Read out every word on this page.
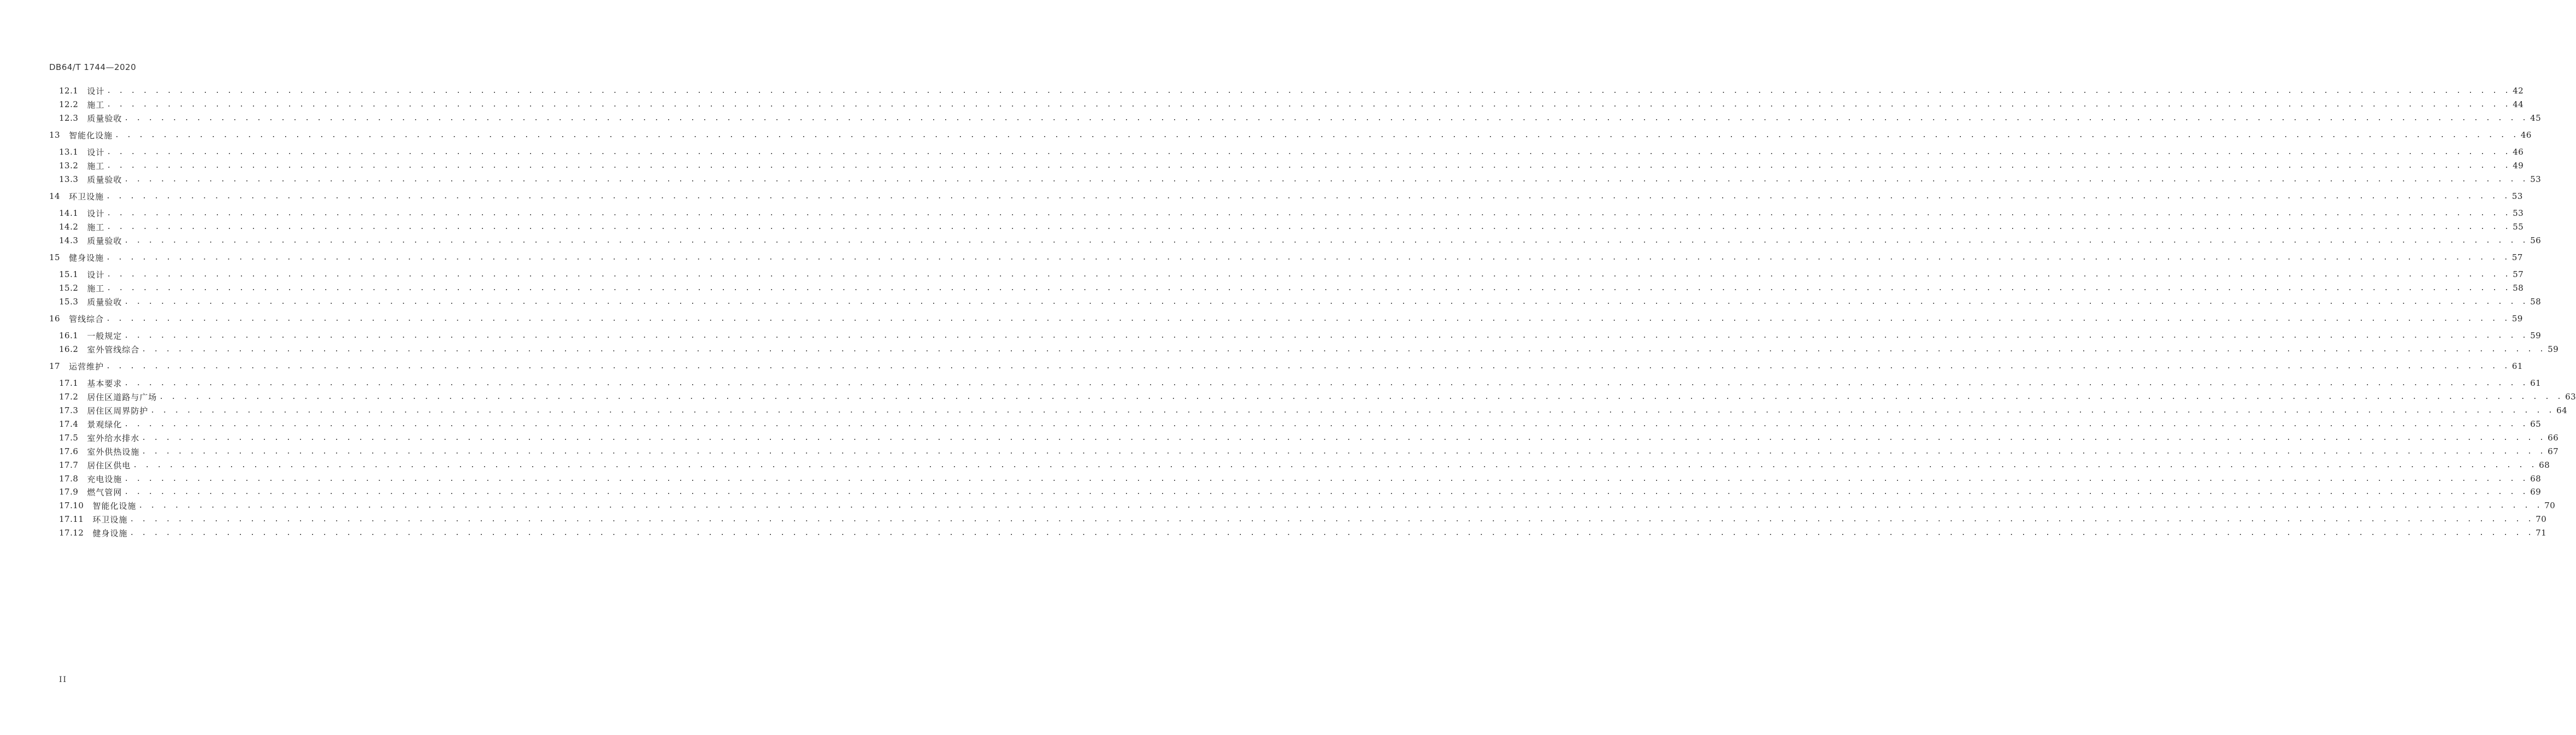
DB64/T 1744—2020
12.1 设计 . . . . . . . . . . . . . . . . . . . . . . . . . . . . . . . . . . . . . . . . . . . . . . . . . . . . . . . . . . . . . . . . . . . . . . . . . . . . . . . . . . . . . . . . . . . . . . . . . . . . . . . . . . . . . . . . . . . . . . . . . . . . . . . . . . . . . . . . . . . . . . . . . . . . . . . . . . . . . . . . . . . . . . . . . . . . . . . . . . . . . . . . . . . . . . . . . . . . . . . . 42
12.2 施工 . . . . . . . . . . . . . . . . . . . . . . . . . . . . . . . . . . . . . . . . . . . . . . . . . . . . . . . . . . . . . . . . . . . . . . . . . . . . . . . . . . . . . . . . . . . . . . . . . . . . . . . . . . . . . . . . . . . . . . . . . . . . . . . . . . . . . . . . . . . . . . . . . . . . . . . . . . . . . . . . . . . . . . . . . . . . . . . . . . . . . . . . . . . . . . . . . . . . . . . . 44
12.3 质量验收 . . . . . . . . . . . . . . . . . . . . . . . . . . . . . . . . . . . . . . . . . . . . . . . . . . . . . . . . . . . . . . . . . . . . . . . . . . . . . . . . . . . . . . . . . . . . . . . . . . . . . . . . . . . . . . . . . . . . . . . . . . . . . . . . . . . . . . . . . . . . . . . . . . . . . . . . . . . . . . . . . . . . . . . . . . . . . . . . . . . . . . . . . . . . . . . . . . . . . . . . 45
13 智能化设施 . . . . . . . . . . . . . . . . . . . . . . . . . . . . . . . . . . . . . . . . . . . . . . . . . . . . . . . . . . . . . . . . . . . . . . . . . . . . . . . . . . . . . . . . . . . . . . . . . . . . . . . . . . . . . . . . . . . . . . . . . . . . . . . . . . . . . . . . . . . . . . . . . . . . . . . . . . . . . . . . . . . . . . . . . . . . . . . . . . . . . . . . . . . . . . . . . . . . . . . . 46
13.1 设计 . . . . . . . . . . . . . . . . . . . . . . . . . . . . . . . . . . . . . . . . . . . . . . . . . . . . . . . . . . . . . . . . . . . . . . . . . . . . . . . . . . . . . . . . . . . . . . . . . . . . . . . . . . . . . . . . . . . . . . . . . . . . . . . . . . . . . . . . . . . . . . . . . . . . . . . . . . . . . . . . . . . . . . . . . . . . . . . . . . . . . . . . . . . . . . . . . . . . . . . . 46
13.2 施工 . . . . . . . . . . . . . . . . . . . . . . . . . . . . . . . . . . . . . . . . . . . . . . . . . . . . . . . . . . . . . . . . . . . . . . . . . . . . . . . . . . . . . . . . . . . . . . . . . . . . . . . . . . . . . . . . . . . . . . . . . . . . . . . . . . . . . . . . . . . . . . . . . . . . . . . . . . . . . . . . . . . . . . . . . . . . . . . . . . . . . . . . . . . . . . . . . . . . . . . . 49
13.3 质量验收 . . . . . . . . . . . . . . . . . . . . . . . . . . . . . . . . . . . . . . . . . . . . . . . . . . . . . . . . . . . . . . . . . . . . . . . . . . . . . . . . . . . . . . . . . . . . . . . . . . . . . . . . . . . . . . . . . . . . . . . . . . . . . . . . . . . . . . . . . . . . . . . . . . . . . . . . . . . . . . . . . . . . . . . . . . . . . . . . . . . . . . . . . . . . . . . . . . . . . . . . 53
14 环卫设施 . . . . . . . . . . . . . . . . . . . . . . . . . . . . . . . . . . . . . . . . . . . . . . . . . . . . . . . . . . . . . . . . . . . . . . . . . . . . . . . . . . . . . . . . . . . . . . . . . . . . . . . . . . . . . . . . . . . . . . . . . . . . . . . . . . . . . . . . . . . . . . . . . . . . . . . . . . . . . . . . . . . . . . . . . . . . . . . . . . . . . . . . . . . . . . . . . . . . . . . . 53
14.1 设计 . . . . . . . . . . . . . . . . . . . . . . . . . . . . . . . . . . . . . . . . . . . . . . . . . . . . . . . . . . . . . . . . . . . . . . . . . . . . . . . . . . . . . . . . . . . . . . . . . . . . . . . . . . . . . . . . . . . . . . . . . . . . . . . . . . . . . . . . . . . . . . . . . . . . . . . . . . . . . . . . . . . . . . . . . . . . . . . . . . . . . . . . . . . . . . . . . . . . . . . . 53
14.2 施工 . . . . . . . . . . . . . . . . . . . . . . . . . . . . . . . . . . . . . . . . . . . . . . . . . . . . . . . . . . . . . . . . . . . . . . . . . . . . . . . . . . . . . . . . . . . . . . . . . . . . . . . . . . . . . . . . . . . . . . . . . . . . . . . . . . . . . . . . . . . . . . . . . . . . . . . . . . . . . . . . . . . . . . . . . . . . . . . . . . . . . . . . . . . . . . . . . . . . . . . . 55
14.3 质量验收 . . . . . . . . . . . . . . . . . . . . . . . . . . . . . . . . . . . . . . . . . . . . . . . . . . . . . . . . . . . . . . . . . . . . . . . . . . . . . . . . . . . . . . . . . . . . . . . . . . . . . . . . . . . . . . . . . . . . . . . . . . . . . . . . . . . . . . . . . . . . . . . . . . . . . . . . . . . . . . . . . . . . . . . . . . . . . . . . . . . . . . . . . . . . . . . . . . . . . . . . 56
15 健身设施 . . . . . . . . . . . . . . . . . . . . . . . . . . . . . . . . . . . . . . . . . . . . . . . . . . . . . . . . . . . . . . . . . . . . . . . . . . . . . . . . . . . . . . . . . . . . . . . . . . . . . . . . . . . . . . . . . . . . . . . . . . . . . . . . . . . . . . . . . . . . . . . . . . . . . . . . . . . . . . . . . . . . . . . . . . . . . . . . . . . . . . . . . . . . . . . . . . . . . . . . 57
15.1 设计 . . . . . . . . . . . . . . . . . . . . . . . . . . . . . . . . . . . . . . . . . . . . . . . . . . . . . . . . . . . . . . . . . . . . . . . . . . . . . . . . . . . . . . . . . . . . . . . . . . . . . . . . . . . . . . . . . . . . . . . . . . . . . . . . . . . . . . . . . . . . . . . . . . . . . . . . . . . . . . . . . . . . . . . . . . . . . . . . . . . . . . . . . . . . . . . . . . . . . . . . 57
15.2 施工 . . . . . . . . . . . . . . . . . . . . . . . . . . . . . . . . . . . . . . . . . . . . . . . . . . . . . . . . . . . . . . . . . . . . . . . . . . . . . . . . . . . . . . . . . . . . . . . . . . . . . . . . . . . . . . . . . . . . . . . . . . . . . . . . . . . . . . . . . . . . . . . . . . . . . . . . . . . . . . . . . . . . . . . . . . . . . . . . . . . . . . . . . . . . . . . . . . . . . . . . 58
15.3 质量验收 . . . . . . . . . . . . . . . . . . . . . . . . . . . . . . . . . . . . . . . . . . . . . . . . . . . . . . . . . . . . . . . . . . . . . . . . . . . . . . . . . . . . . . . . . . . . . . . . . . . . . . . . . . . . . . . . . . . . . . . . . . . . . . . . . . . . . . . . . . . . . . . . . . . . . . . . . . . . . . . . . . . . . . . . . . . . . . . . . . . . . . . . . . . . . . . . . . . . . . . . 58
16 管线综合 . . . . . . . . . . . . . . . . . . . . . . . . . . . . . . . . . . . . . . . . . . . . . . . . . . . . . . . . . . . . . . . . . . . . . . . . . . . . . . . . . . . . . . . . . . . . . . . . . . . . . . . . . . . . . . . . . . . . . . . . . . . . . . . . . . . . . . . . . . . . . . . . . . . . . . . . . . . . . . . . . . . . . . . . . . . . . . . . . . . . . . . . . . . . . . . . . . . . . . . . 59
16.1 一般规定 . . . . . . . . . . . . . . . . . . . . . . . . . . . . . . . . . . . . . . . . . . . . . . . . . . . . . . . . . . . . . . . . . . . . . . . . . . . . . . . . . . . . . . . . . . . . . . . . . . . . . . . . . . . . . . . . . . . . . . . . . . . . . . . . . . . . . . . . . . . . . . . . . . . . . . . . . . . . . . . . . . . . . . . . . . . . . . . . . . . . . . . . . . . . . . . . . . . . . . . . 59
16.2 室外管线综合 . . . . . . . . . . . . . . . . . . . . . . . . . . . . . . . . . . . . . . . . . . . . . . . . . . . . . . . . . . . . . . . . . . . . . . . . . . . . . . . . . . . . . . . . . . . . . . . . . . . . . . . . . . . . . . . . . . . . . . . . . . . . . . . . . . . . . . . . . . . . . . . . . . . . . . . . . . . . . . . . . . . . . . . . . . . . . . . . . . . . . . . . . . . . . . . . . . . . . . . . 59
17 运营维护 . . . . . . . . . . . . . . . . . . . . . . . . . . . . . . . . . . . . . . . . . . . . . . . . . . . . . . . . . . . . . . . . . . . . . . . . . . . . . . . . . . . . . . . . . . . . . . . . . . . . . . . . . . . . . . . . . . . . . . . . . . . . . . . . . . . . . . . . . . . . . . . . . . . . . . . . . . . . . . . . . . . . . . . . . . . . . . . . . . . . . . . . . . . . . . . . . . . . . . . . 61
17.1 基本要求 . . . . . . . . . . . . . . . . . . . . . . . . . . . . . . . . . . . . . . . . . . . . . . . . . . . . . . . . . . . . . . . . . . . . . . . . . . . . . . . . . . . . . . . . . . . . . . . . . . . . . . . . . . . . . . . . . . . . . . . . . . . . . . . . . . . . . . . . . . . . . . . . . . . . . . . . . . . . . . . . . . . . . . . . . . . . . . . . . . . . . . . . . . . . . . . . . . . . . . . . 61
17.2 居住区道路与广场 . . . . . . . . . . . . . . . . . . . . . . . . . . . . . . . . . . . . . . . . . . . . . . . . . . . . . . . . . . . . . . . . . . . . . . . . . . . . . . . . . . . . . . . . . . . . . . . . . . . . . . . . . . . . . . . . . . . . . . . . . . . . . . . . . . . . . . . . . . . . . . . . . . . . . . . . . . . . . . . . . . . . . . . . . . . . . . . . . . . . . . . . . . . . . . . . . . . . . . . . 63
17.3 居住区周界防护 . . . . . . . . . . . . . . . . . . . . . . . . . . . . . . . . . . . . . . . . . . . . . . . . . . . . . . . . . . . . . . . . . . . . . . . . . . . . . . . . . . . . . . . . . . . . . . . . . . . . . . . . . . . . . . . . . . . . . . . . . . . . . . . . . . . . . . . . . . . . . . . . . . . . . . . . . . . . . . . . . . . . . . . . . . . . . . . . . . . . . . . . . . . . . . . . . . . . . . . . 64
17.4 景观绿化 . . . . . . . . . . . . . . . . . . . . . . . . . . . . . . . . . . . . . . . . . . . . . . . . . . . . . . . . . . . . . . . . . . . . . . . . . . . . . . . . . . . . . . . . . . . . . . . . . . . . . . . . . . . . . . . . . . . . . . . . . . . . . . . . . . . . . . . . . . . . . . . . . . . . . . . . . . . . . . . . . . . . . . . . . . . . . . . . . . . . . . . . . . . . . . . . . . . . . . . . 65
17.5 室外给水排水 . . . . . . . . . . . . . . . . . . . . . . . . . . . . . . . . . . . . . . . . . . . . . . . . . . . . . . . . . . . . . . . . . . . . . . . . . . . . . . . . . . . . . . . . . . . . . . . . . . . . . . . . . . . . . . . . . . . . . . . . . . . . . . . . . . . . . . . . . . . . . . . . . . . . . . . . . . . . . . . . . . . . . . . . . . . . . . . . . . . . . . . . . . . . . . . . . . . . . . . . 66
17.6 室外供热设施 . . . . . . . . . . . . . . . . . . . . . . . . . . . . . . . . . . . . . . . . . . . . . . . . . . . . . . . . . . . . . . . . . . . . . . . . . . . . . . . . . . . . . . . . . . . . . . . . . . . . . . . . . . . . . . . . . . . . . . . . . . . . . . . . . . . . . . . . . . . . . . . . . . . . . . . . . . . . . . . . . . . . . . . . . . . . . . . . . . . . . . . . . . . . . . . . . . . . . . . . 67
17.7 居住区供电 . . . . . . . . . . . . . . . . . . . . . . . . . . . . . . . . . . . . . . . . . . . . . . . . . . . . . . . . . . . . . . . . . . . . . . . . . . . . . . . . . . . . . . . . . . . . . . . . . . . . . . . . . . . . . . . . . . . . . . . . . . . . . . . . . . . . . . . . . . . . . . . . . . . . . . . . . . . . . . . . . . . . . . . . . . . . . . . . . . . . . . . . . . . . . . . . . . . . . . . . 68
17.8 充电设施 . . . . . . . . . . . . . . . . . . . . . . . . . . . . . . . . . . . . . . . . . . . . . . . . . . . . . . . . . . . . . . . . . . . . . . . . . . . . . . . . . . . . . . . . . . . . . . . . . . . . . . . . . . . . . . . . . . . . . . . . . . . . . . . . . . . . . . . . . . . . . . . . . . . . . . . . . . . . . . . . . . . . . . . . . . . . . . . . . . . . . . . . . . . . . . . . . . . . . . . . 68
17.9 燃气管网 . . . . . . . . . . . . . . . . . . . . . . . . . . . . . . . . . . . . . . . . . . . . . . . . . . . . . . . . . . . . . . . . . . . . . . . . . . . . . . . . . . . . . . . . . . . . . . . . . . . . . . . . . . . . . . . . . . . . . . . . . . . . . . . . . . . . . . . . . . . . . . . . . . . . . . . . . . . . . . . . . . . . . . . . . . . . . . . . . . . . . . . . . . . . . . . . . . . . . . . . 69
17.10 智能化设施 . . . . . . . . . . . . . . . . . . . . . . . . . . . . . . . . . . . . . . . . . . . . . . . . . . . . . . . . . . . . . . . . . . . . . . . . . . . . . . . . . . . . . . . . . . . . . . . . . . . . . . . . . . . . . . . . . . . . . . . . . . . . . . . . . . . . . . . . . . . . . . . . . . . . . . . . . . . . . . . . . . . . . . . . . . . . . . . . . . . . . . . . . . . . . . . . . . . . . . . . 70
17.11 环卫设施 . . . . . . . . . . . . . . . . . . . . . . . . . . . . . . . . . . . . . . . . . . . . . . . . . . . . . . . . . . . . . . . . . . . . . . . . . . . . . . . . . . . . . . . . . . . . . . . . . . . . . . . . . . . . . . . . . . . . . . . . . . . . . . . . . . . . . . . . . . . . . . . . . . . . . . . . . . . . . . . . . . . . . . . . . . . . . . . . . . . . . . . . . . . . . . . . . . . . . . . . 70
17.12 健身设施 . . . . . . . . . . . . . . . . . . . . . . . . . . . . . . . . . . . . . . . . . . . . . . . . . . . . . . . . . . . . . . . . . . . . . . . . . . . . . . . . . . . . . . . . . . . . . . . . . . . . . . . . . . . . . . . . . . . . . . . . . . . . . . . . . . . . . . . . . . . . . . . . . . . . . . . . . . . . . . . . . . . . . . . . . . . . . . . . . . . . . . . . . . . . . . . . . . . . . . . . 71
II
